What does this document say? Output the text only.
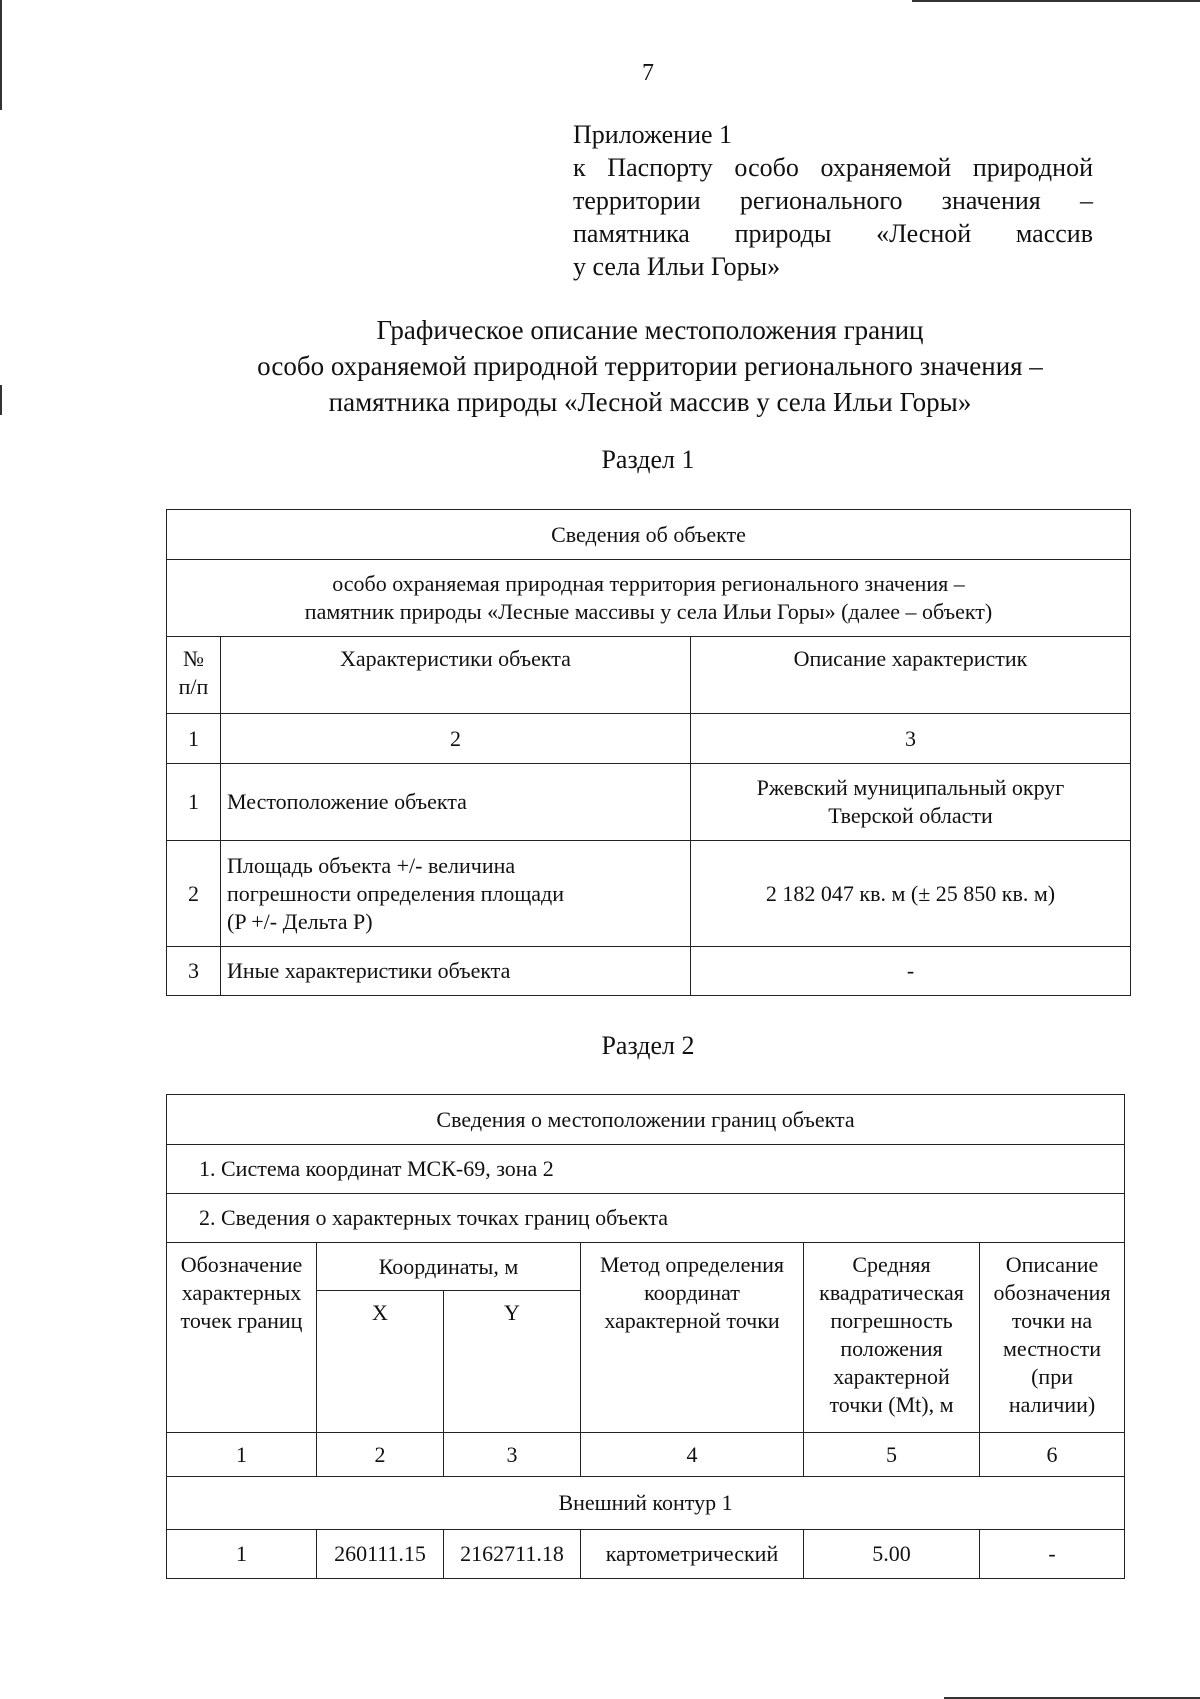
7
Приложение 1
к Паспорту особо охраняемой природной
территории регионального значения –
памятника природы «Лесной массив
у села Ильи Горы»
Графическое описание местоположения границ
особо охраняемой природной территории регионального значения –
памятника природы «Лесной массив у села Ильи Горы»
Раздел 1
Сведения об объекте		

особо охраняемая природная территория регионального значения –
памятник природы «Лесные массивы у села Ильи Горы» (далее – объект)		

№ п/п	Характеристики объекта	Описание характеристик
1	2	3
1	Местоположение объекта	Ржевский муниципальный округ
Тверской области

2	Площадь объекта +/- величина
погрешности определения площади
(P +/- Дельта P)	2 182 047 кв. м (± 25 850 кв. м)
3	Иные характеристики объекта	-
Раздел 2
Сведения о местоположении границ объекта					
1. Система координат МСК-69, зона 2					
2. Сведения о характерных точках границ объекта					
Обозначение характерных точек границ	Координаты, м		Метод определения координат характерной точки	Средняя квадратическая погрешность положения характерной точки (Mt), м	Описание обозначения точки на местности (при наличии)
	X	Y			
1	2	3	4	5	6
Внешний контур 1					
1	260111.15	2162711.18	картометрический	5.00	-
